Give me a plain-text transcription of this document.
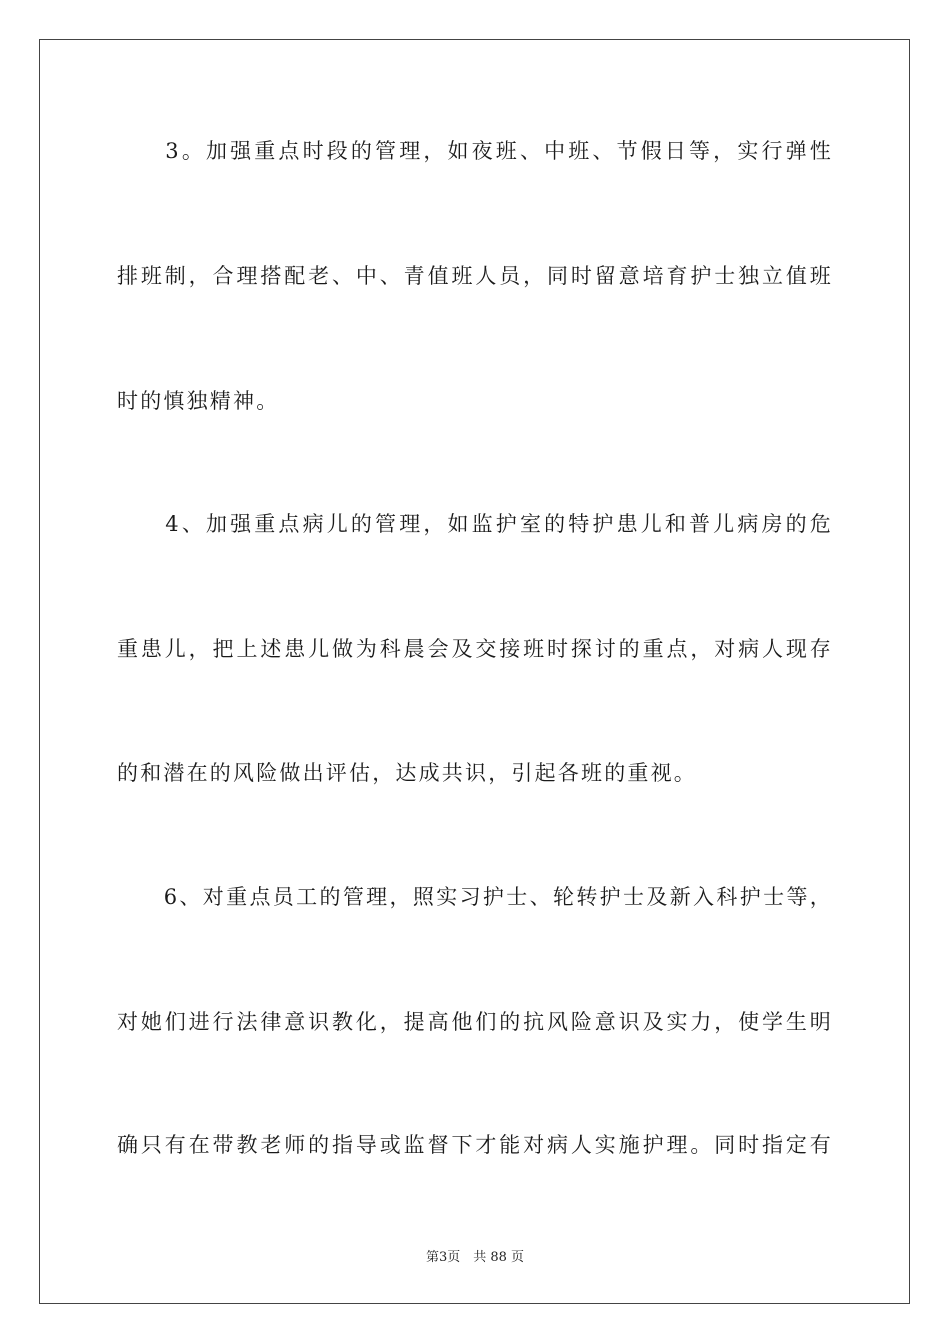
　　3。加强重点时段的管理，如夜班、中班、节假日等，实行弹性
排班制，合理搭配老、中、青值班人员，同时留意培育护士独立值班
时的慎独精神。
　　4、加强重点病儿的管理，如监护室的特护患儿和普儿病房的危
重患儿，把上述患儿做为科晨会及交接班时探讨的重点，对病人现存
的和潜在的风险做出评估，达成共识，引起各班的重视。
　　6、对重点员工的管理，照实习护士、轮转护士及新入科护士等，
对她们进行法律意识教化，提高他们的抗风险意识及实力，使学生明
确只有在带教老师的指导或监督下才能对病人实施护理。同时指定有
第3页　共 88 页
